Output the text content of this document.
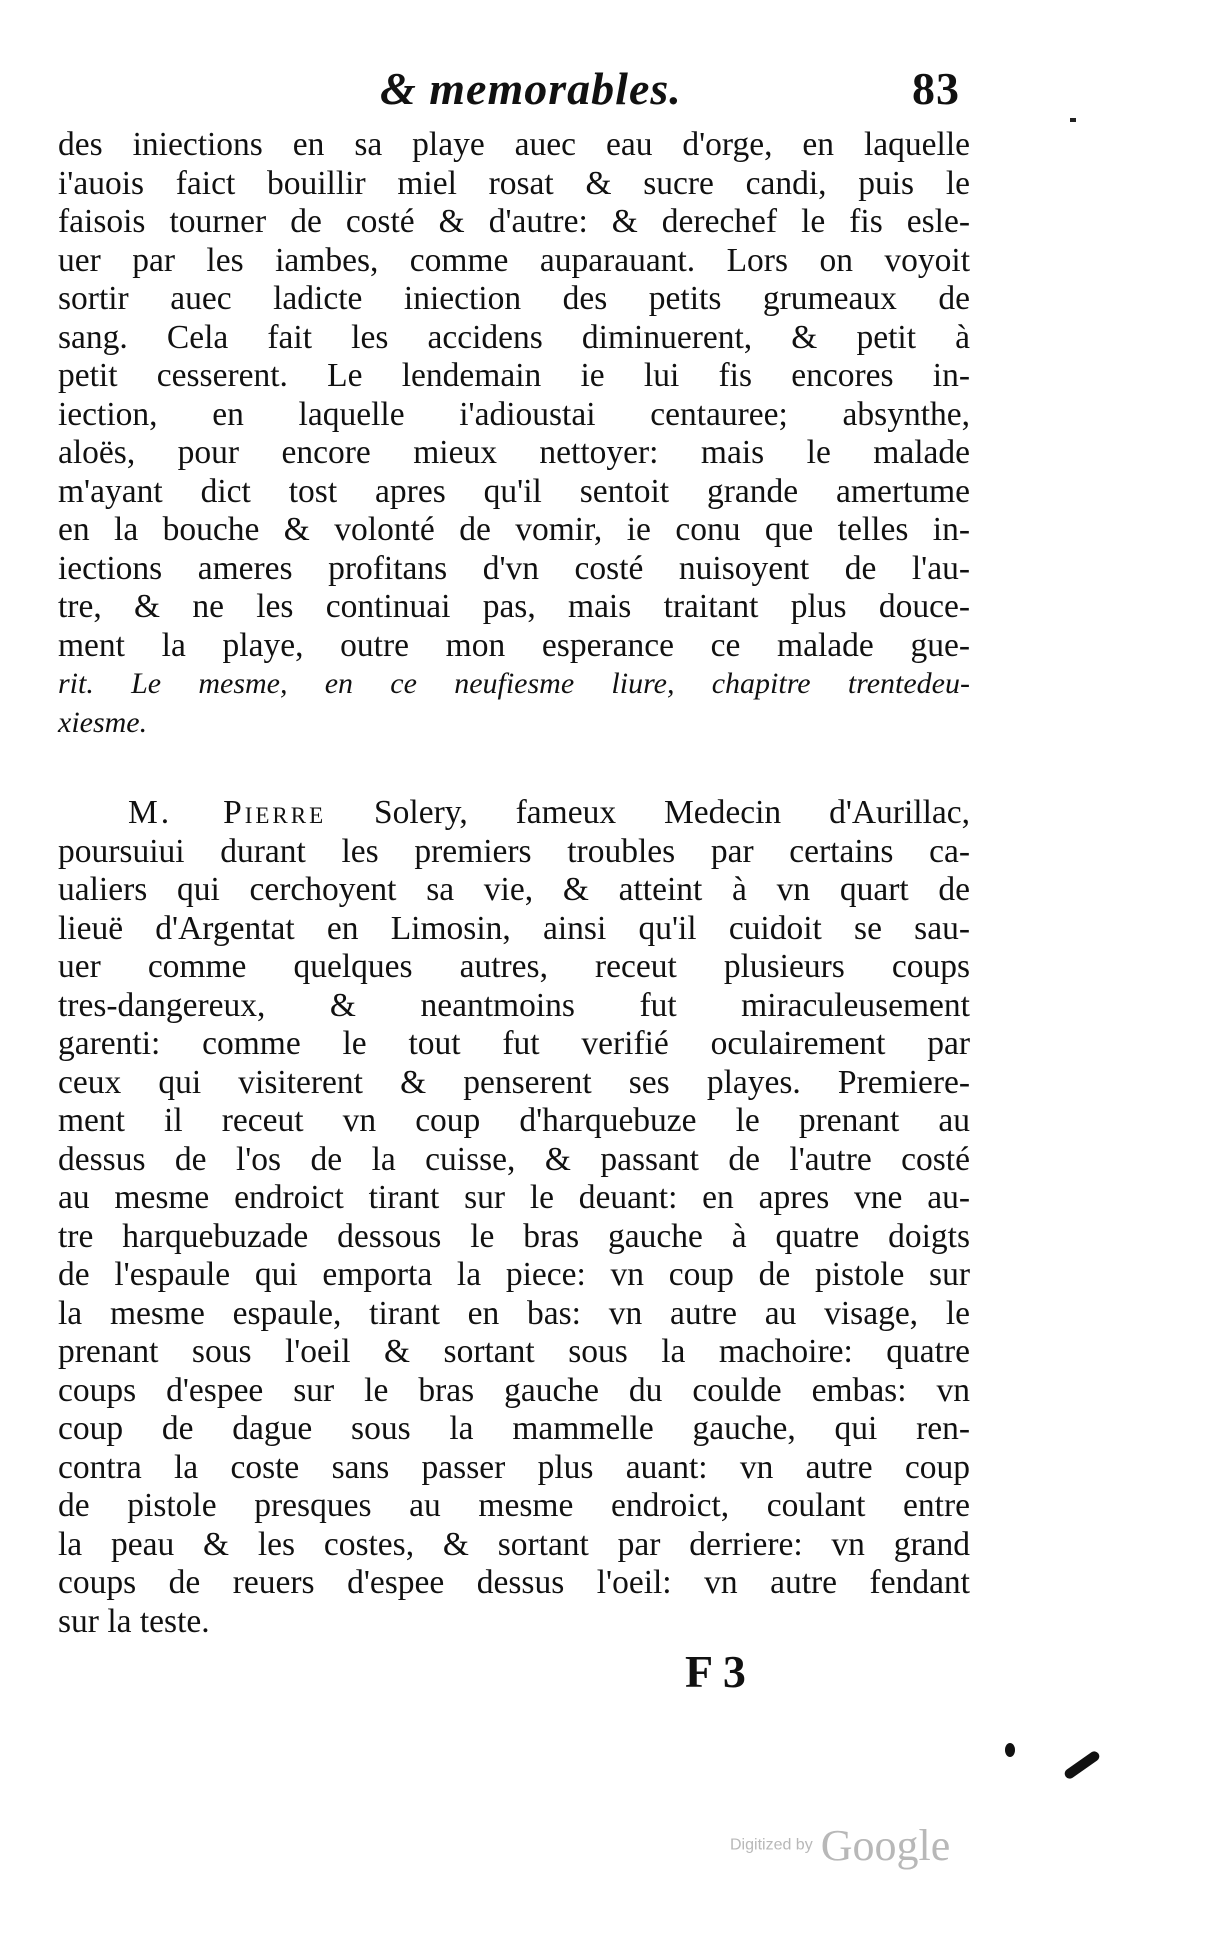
& memorables.	83
des iniections en sa playe auec eau d'orge, en laquelle
i'auois faict bouillir miel rosat & sucre candi, puis le
faisois tourner de costé & d'autre: & derechef le fis esle-
uer par les iambes, comme auparauant. Lors on voyoit
sortir auec ladicte iniection des petits grumeaux de
sang. Cela fait les accidens diminuerent, & petit à
petit cesserent. Le lendemain ie lui fis encores in-
iection, en laquelle i'adioustai centauree; absynthe,
aloës, pour encore mieux nettoyer: mais le malade
m'ayant dict tost apres qu'il sentoit grande amertume
en la bouche & volonté de vomir, ie conu que telles in-
iections ameres profitans d'vn costé nuisoyent de l'au-
tre, & ne les continuai pas, mais traitant plus douce-
ment la playe, outre mon esperance ce malade gue-
rit. Le mesme, en ce neufiesme liure, chapitre trentedeu-
xiesme.
M. Pierre Solery, fameux Medecin d'Aurillac,
poursuiui durant les premiers troubles par certains ca-
ualiers qui cerchoyent sa vie, & atteint à vn quart de
lieuë d'Argentat en Limosin, ainsi qu'il cuidoit se sau-
uer comme quelques autres, receut plusieurs coups
tres-dangereux, & neantmoins fut miraculeusement
garenti: comme le tout fut verifié oculairement par
ceux qui visiterent & penserent ses playes. Premiere-
ment il receut vn coup d'harquebuze le prenant au
dessus de l'os de la cuisse, & passant de l'autre costé
au mesme endroict tirant sur le deuant: en apres vne au-
tre harquebuzade dessous le bras gauche à quatre doigts
de l'espaule qui emporta la piece: vn coup de pistole sur
la mesme espaule, tirant en bas: vn autre au visage, le
prenant sous l'oeil & sortant sous la machoire: quatre
coups d'espee sur le bras gauche du coulde embas: vn
coup de dague sous la mammelle gauche, qui ren-
contra la coste sans passer plus auant: vn autre coup
de pistole presques au mesme endroict, coulant entre
la peau & les costes, & sortant par derriere: vn grand
coups de reuers d'espee dessus l'oeil: vn autre fendant
sur la teste.
F 3
Digitized by Google
